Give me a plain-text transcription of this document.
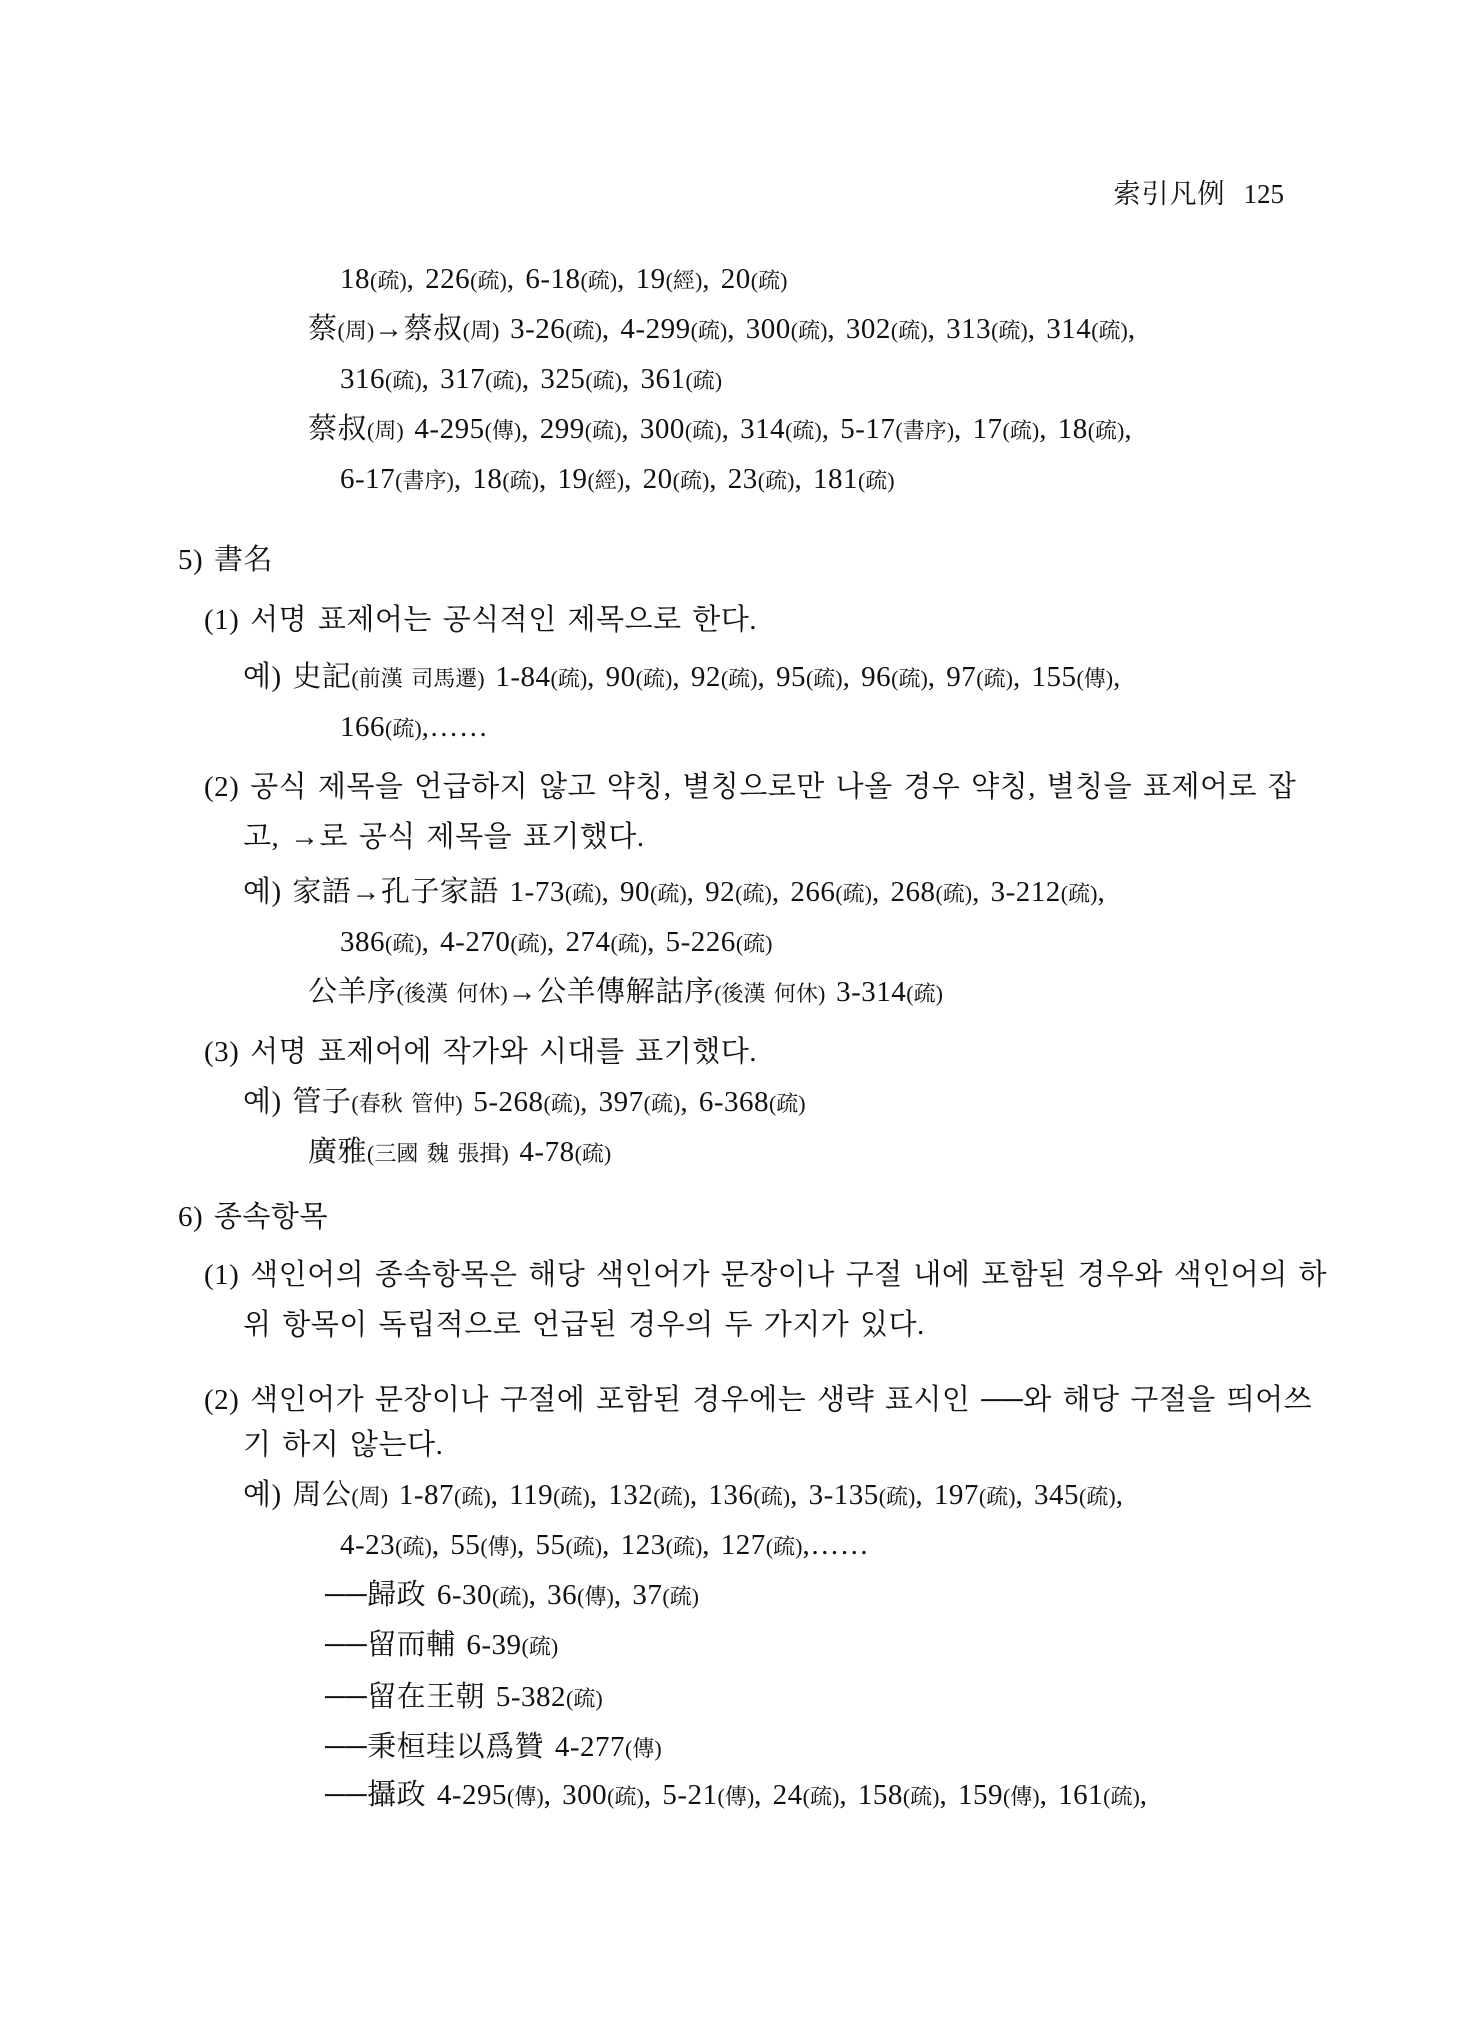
索引凡例 125
18(疏), 226(疏), 6-18(疏), 19(經), 20(疏)
蔡(周)→蔡叔(周) 3-26(疏), 4-299(疏), 300(疏), 302(疏), 313(疏), 314(疏),
316(疏), 317(疏), 325(疏), 361(疏)
蔡叔(周) 4-295(傳), 299(疏), 300(疏), 314(疏), 5-17(書序), 17(疏), 18(疏),
6-17(書序), 18(疏), 19(經), 20(疏), 23(疏), 181(疏)
5) 書名
(1) 서명 표제어는 공식적인 제목으로 한다.
예) 史記(前漢 司馬遷) 1-84(疏), 90(疏), 92(疏), 95(疏), 96(疏), 97(疏), 155(傳),
166(疏),……
(2) 공식 제목을 언급하지 않고 약칭, 별칭으로만 나올 경우 약칭, 별칭을 표제어로 잡
고, →로 공식 제목을 표기했다.
예) 家語→孔子家語 1-73(疏), 90(疏), 92(疏), 266(疏), 268(疏), 3-212(疏),
386(疏), 4-270(疏), 274(疏), 5-226(疏)
公羊序(後漢 何休)→公羊傳解詁序(後漢 何休) 3-314(疏)
(3) 서명 표제어에 작가와 시대를 표기했다.
예) 管子(春秋 管仲) 5-268(疏), 397(疏), 6-368(疏)
廣雅(三國 魏 張揖) 4-78(疏)
6) 종속항목
(1) 색인어의 종속항목은 해당 색인어가 문장이나 구절 내에 포함된 경우와 색인어의 하
위 항목이 독립적으로 언급된 경우의 두 가지가 있다.
(2) 색인어가 문장이나 구절에 포함된 경우에는 생략 표시인 ──와 해당 구절을 띄어쓰
기 하지 않는다.
예) 周公(周) 1-87(疏), 119(疏), 132(疏), 136(疏), 3-135(疏), 197(疏), 345(疏),
4-23(疏), 55(傳), 55(疏), 123(疏), 127(疏),……
──歸政 6-30(疏), 36(傳), 37(疏)
──留而輔 6-39(疏)
──留在王朝 5-382(疏)
──秉桓珪以爲贊 4-277(傳)
──攝政 4-295(傳), 300(疏), 5-21(傳), 24(疏), 158(疏), 159(傳), 161(疏),
